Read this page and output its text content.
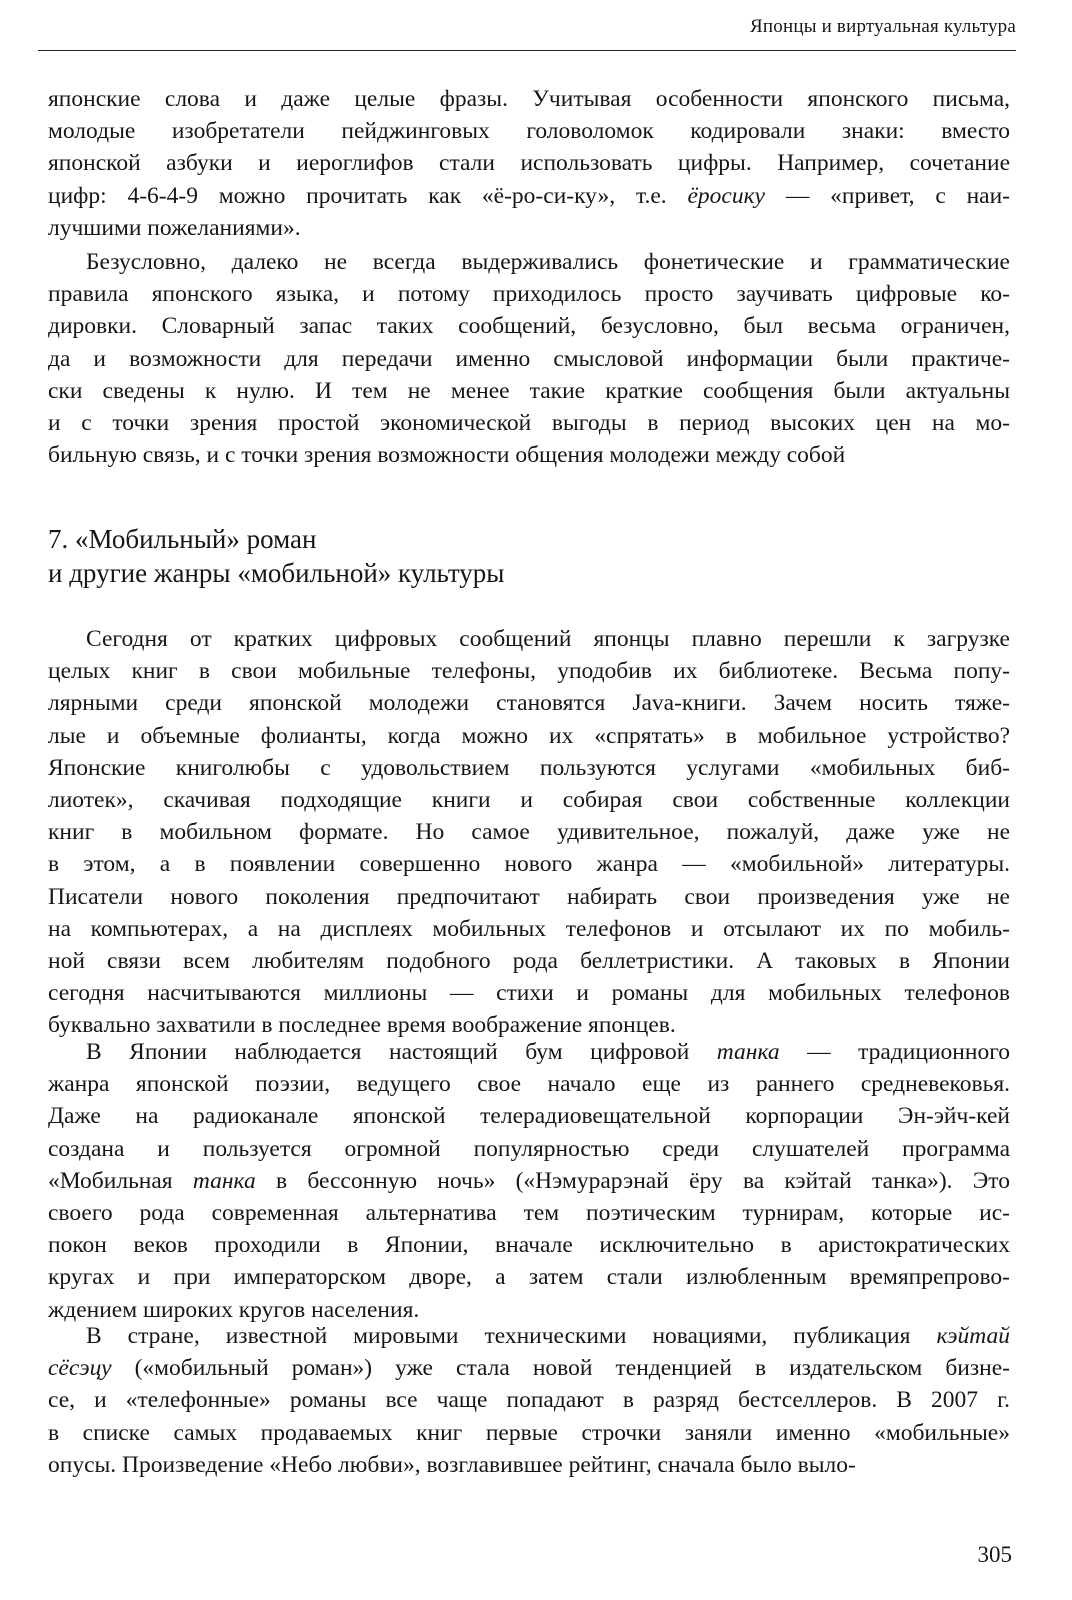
Японцы и виртуальная культура
японские слова и даже целые фразы. Учитывая особенности японского письма,
молодые изобретатели пейджинговых головоломок кодировали знаки: вместо
японской азбуки и иероглифов стали использовать цифры. Например, сочетание
цифр: 4-6-4-9 можно прочитать как «ё-ро-си-ку», т.е. ёросику — «привет, с наи-
лучшими пожеланиями».
Безусловно, далеко не всегда выдерживались фонетические и грамматические
правила японского языка, и потому приходилось просто заучивать цифровые ко-
дировки. Словарный запас таких сообщений, безусловно, был весьма ограничен,
да и возможности для передачи именно смысловой информации были практиче-
ски сведены к нулю. И тем не менее такие краткие сообщения были актуальны
и с точки зрения простой экономической выгоды в период высоких цен на мо-
бильную связь, и с точки зрения возможности общения молодежи между собой
7. «Мобильный» роман
и другие жанры «мобильной» культуры
Сегодня от кратких цифровых сообщений японцы плавно перешли к загрузке
целых книг в свои мобильные телефоны, уподобив их библиотеке. Весьма попу-
лярными среди японской молодежи становятся Java-книги. Зачем носить тяже-
лые и объемные фолианты, когда можно их «спрятать» в мобильное устройство?
Японские книголюбы с удовольствием пользуются услугами «мобильных биб-
лиотек», скачивая подходящие книги и собирая свои собственные коллекции
книг в мобильном формате. Но самое удивительное, пожалуй, даже уже не
в этом, а в появлении совершенно нового жанра — «мобильной» литературы.
Писатели нового поколения предпочитают набирать свои произведения уже не
на компьютерах, а на дисплеях мобильных телефонов и отсылают их по мобиль-
ной связи всем любителям подобного рода беллетристики. А таковых в Японии
сегодня насчитываются миллионы — стихи и романы для мобильных телефонов
буквально захватили в последнее время воображение японцев.
В Японии наблюдается настоящий бум цифровой танка — традиционного
жанра японской поэзии, ведущего свое начало еще из раннего средневековья.
Даже на радиоканале японской телерадиовещательной корпорации Эн-эйч-кей
создана и пользуется огромной популярностью среди слушателей программа
«Мобильная танка в бессонную ночь» («Нэмурарэнай ёру ва кэйтай танка»). Это
своего рода современная альтернатива тем поэтическим турнирам, которые ис-
покон веков проходили в Японии, вначале исключительно в аристократических
кругах и при императорском дворе, а затем стали излюбленным времяпрепрово-
ждением широких кругов населения.
В стране, известной мировыми техническими новациями, публикация кэйтай
сёсэцу («мобильный роман») уже стала новой тенденцией в издательском бизне-
се, и «телефонные» романы все чаще попадают в разряд бестселлеров. В 2007 г.
в списке самых продаваемых книг первые строчки заняли именно «мобильные»
опусы. Произведение «Небо любви», возглавившее рейтинг, сначала было выло-
305
